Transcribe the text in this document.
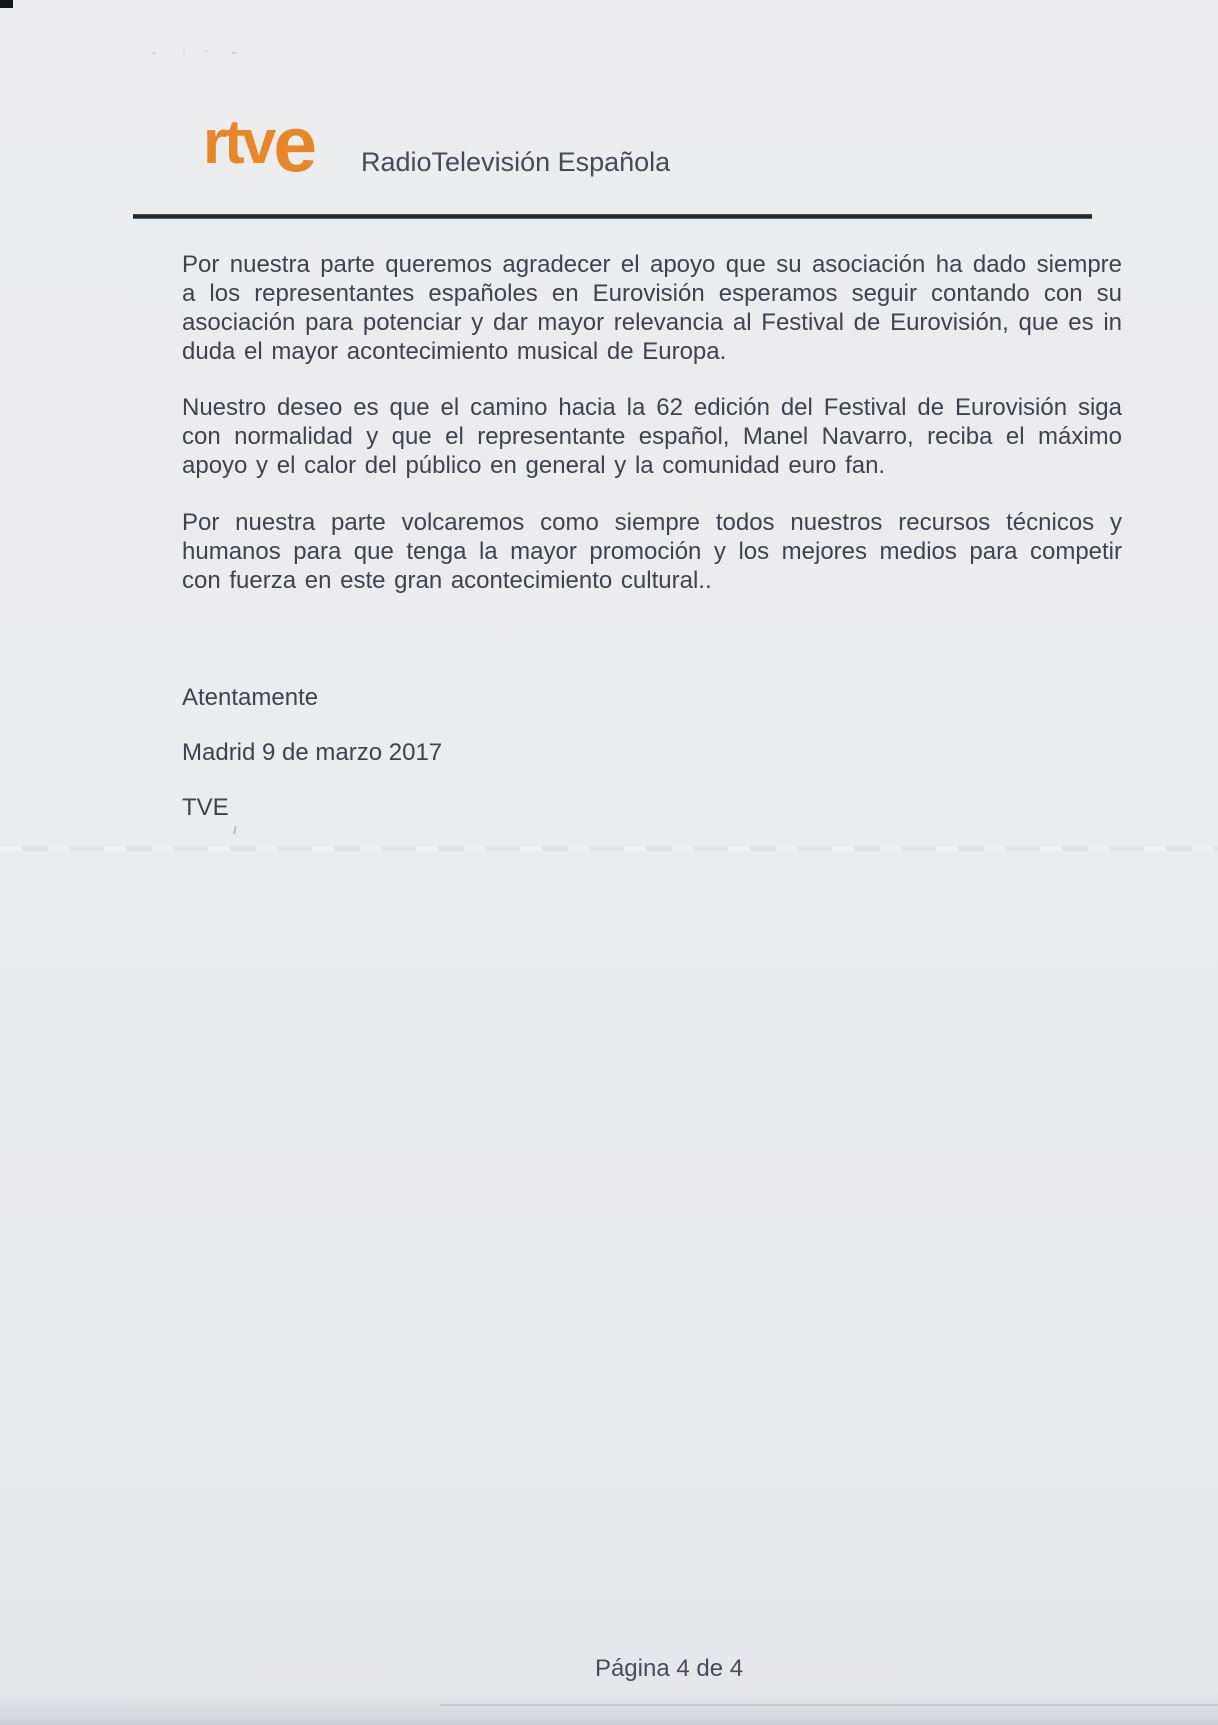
rtve RadioTelevisión Española
Por nuestra parte queremos agradecer el apoyo que su asociación ha dado siempre a los representantes españoles en Eurovisión esperamos seguir contando con su asociación para potenciar y dar mayor relevancia al Festival de Eurovisión, que es in duda el mayor acontecimiento musical de Europa.
Nuestro deseo es que el camino hacia la 62 edición del Festival de Eurovisión siga con normalidad y que el representante español, Manel Navarro, reciba el máximo apoyo y el calor del público en general y la comunidad euro fan.
Por nuestra parte volcaremos como siempre todos nuestros recursos técnicos y humanos para que tenga la mayor promoción y los mejores medios para competir con fuerza en este gran acontecimiento cultural..
Atentamente
Madrid 9 de marzo 2017
TVE
Página 4 de 4
